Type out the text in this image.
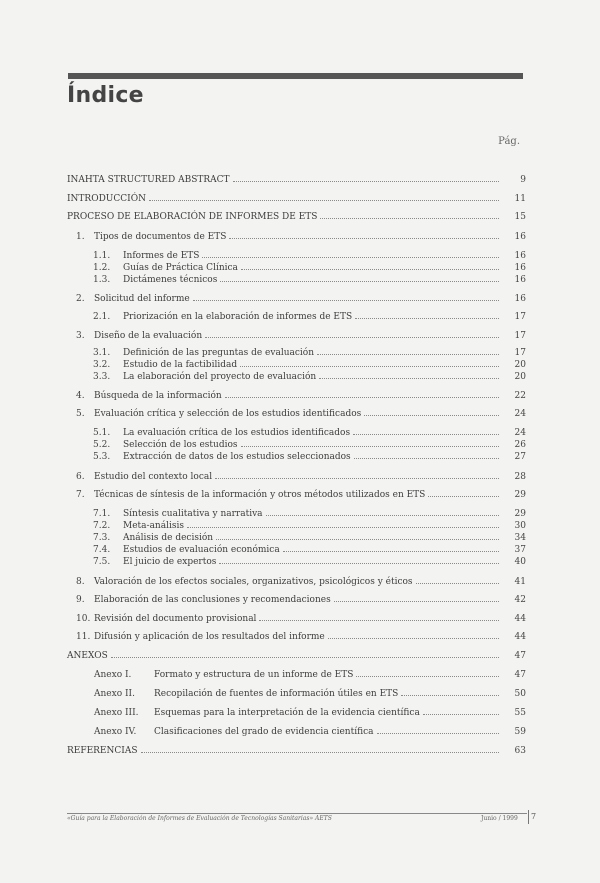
Índice
Pág.
INAHTA STRUCTURED ABSTRACT	9
INTRODUCCIÓN	11
PROCESO DE ELABORACIÓN DE INFORMES DE ETS	15
1.	Tipos de documentos de ETS	16
1.1.	Informes de ETS	16
1.2.	Guías de Práctica Clínica	16
1.3.	Dictámenes técnicos	16
2.	Solicitud del informe	16
2.1.	Priorización en la elaboración de informes de ETS	17
3.	Diseño de la evaluación	17
3.1.	Definición de las preguntas de evaluación	17
3.2.	Estudio de la factibilidad	20
3.3.	La elaboración del proyecto de evaluación	20
4.	Búsqueda de la información	22
5.	Evaluación crítica y selección de los estudios identificados	24
5.1.	La evaluación crítica de los estudios identificados	24
5.2.	Selección de los estudios	26
5.3.	Extracción de datos de los estudios seleccionados	27
6.	Estudio del contexto local	28
7.	Técnicas de síntesis de la información y otros métodos utilizados en ETS	29
7.1.	Síntesis cualitativa y narrativa	29
7.2.	Meta-análisis	30
7.3.	Análisis de decisión	34
7.4.	Estudios de evaluación económica	37
7.5.	El juicio de expertos	40
8.	Valoración de los efectos sociales, organizativos, psicológicos y éticos	41
9.	Elaboración de las conclusiones y recomendaciones	42
10. Revisión del documento provisional	44
11. Difusión y aplicación de los resultados del informe	44
ANEXOS	47
Anexo I.	Formato y estructura de un informe de ETS	47
Anexo II.	Recopilación de fuentes de información útiles en ETS	50
Anexo III.	Esquemas para la interpretación de la evidencia científica	55
Anexo IV.	Clasificaciones del grado de evidencia científica	59
REFERENCIAS	63
«Guía para la Elaboración de Informes de Evaluación de Tecnologías Sanitarias» AETS	Junio / 1999 7
